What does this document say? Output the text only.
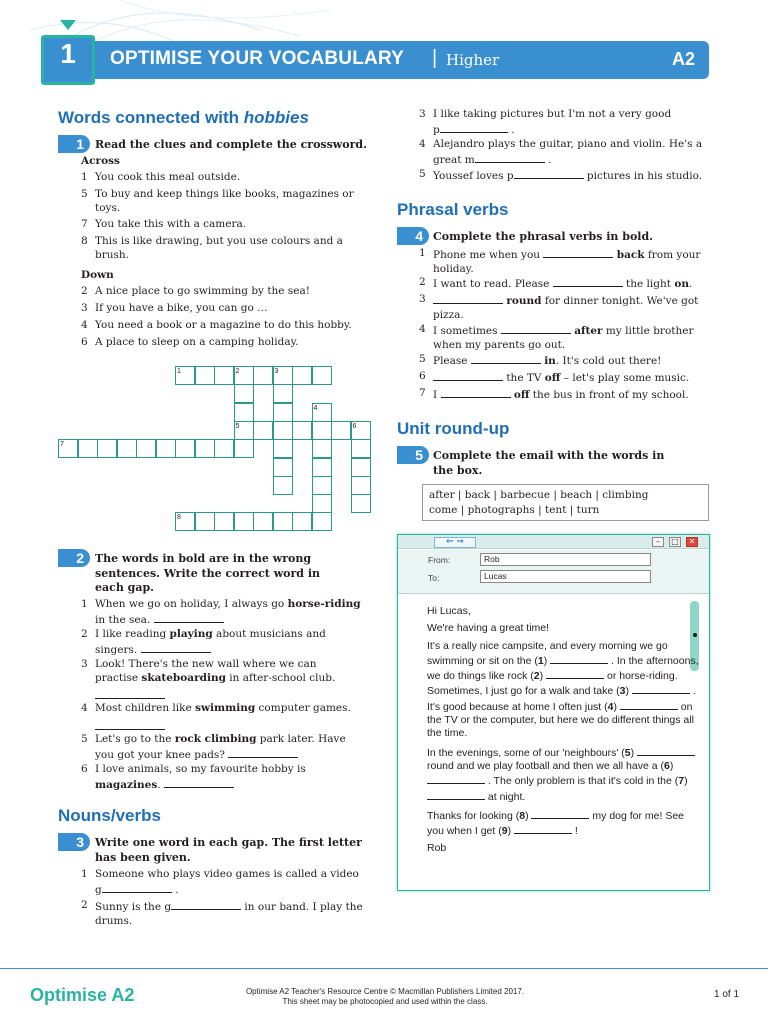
1	OPTIMISE YOUR VOCABULARY | Higher	A2
Words connected with hobbies
1	Read the clues and complete the crossword.
Across
1 You cook this meal outside.
5 To buy and keep things like books, magazines or toys.
7 You take this with a camera.
8 This is like drawing, but you use colours and a brush.
Down
2 A nice place to go swimming by the sea!
3 If you have a bike, you can go …
4 You need a book or a magazine to do this hobby.
6 A place to sleep on a camping holiday.
1	2	3
4
5	6
7
8
2	The words in bold are in the wrong
sentences. Write the correct word in
each gap.
1 When we go on holiday, I always go horse-riding
in the sea.
2 I like reading playing about musicians and singers.
3 Look! There's the new wall where we can practise skateboarding in after-school club.

4 Most children like swimming computer games.

5 Let's go to the rock climbing park later. Have you got your knee pads?
6 I love animals, so my favourite hobby is magazines.
Nouns/verbs
3	Write one word in each gap. The first letter
has been given.
1 Someone who plays video games is called a video
g	.
2 Sunny is the g	in our band. I play the drums.
3 I like taking pictures but I'm not a very good
p	.
4 Alejandro plays the guitar, piano and violin. He's a great m	.
5 Youssef loves p	pictures in his studio.
Phrasal verbs
4 Complete the phrasal verbs in bold.
1 Phone me when you	back from your holiday.
2 I want to read. Please	the light on.
3	round for dinner tonight. We've got pizza.
4 I sometimes	after my little brother when my parents go out.
5 Please	in. It's cold out there!
6	the TV off – let's play some music.
7 I	off the bus in front of my school.
Unit round-up
5 Complete the email with the words in
the box.
after | back | barbecue | beach | climbing
come | photographs | tent | turn
⇐ ⇒	–	□	✕
From:	Rob
To:	Lucas

Hi Lucas,

We're having a great time!

It's a really nice campsite, and every morning we go swimming or sit on the (1)	. In the afternoons, we do things like rock (2)	or horse-riding. Sometimes, I just go for a walk and take (3)	. It's good because at home I often just (4)	on the TV or the computer, but here we do different things all the time.

In the evenings, some of our 'neighbours' (5)  round and we play football and then we all have a (6)  . The only problem is that it's cold in the (7)  at night.

Thanks for looking (8)	my dog for me! See you when I get (9)	!

Rob

Optimise A2	Optimise A2 Teacher's Resource Centre © Macmillan Publishers Limited 2017.
This sheet may be photocopied and used within the class.
1 of 1
